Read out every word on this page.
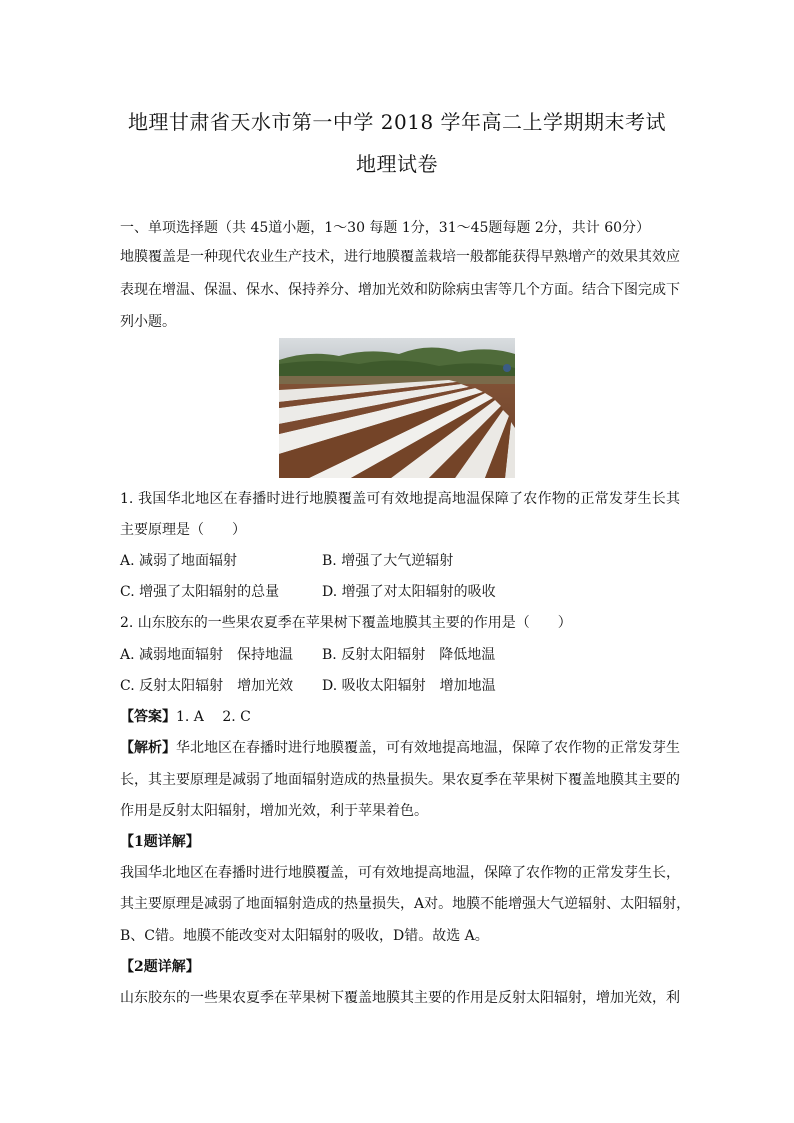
地理甘肃省天水市第一中学 2018 学年高二上学期期末考试
地理试卷
一、单项选择题（共 45道小题，1～30 每题 1分，31～45题每题 2分，共计 60分）
地膜覆盖是一种现代农业生产技术，进行地膜覆盖栽培一般都能获得早熟增产的效果其效应
表现在增温、保温、保水、保持养分、增加光效和防除病虫害等几个方面。结合下图完成下
列小题。
1. 我国华北地区在春播时进行地膜覆盖可有效地提高地温保障了农作物的正常发芽生长其
主要原理是（　　）
A. 减弱了地面辐射	B. 增强了大气逆辐射
C. 增强了太阳辐射的总量	D. 增强了对太阳辐射的吸收
2. 山东胶东的一些果农夏季在苹果树下覆盖地膜其主要的作用是（　　）
A. 减弱地面辐射　保持地温 B. 反射太阳辐射　降低地温
C. 反射太阳辐射　增加光效 D. 吸收太阳辐射　增加地温
【答案】1. A　 2. C
【解析】华北地区在春播时进行地膜覆盖，可有效地提高地温，保障了农作物的正常发芽生
长，其主要原理是减弱了地面辐射造成的热量损失。果农夏季在苹果树下覆盖地膜其主要的
作用是反射太阳辐射，增加光效，利于苹果着色。
【1题详解】
我国华北地区在春播时进行地膜覆盖，可有效地提高地温，保障了农作物的正常发芽生长，
其主要原理是减弱了地面辐射造成的热量损失，A对。地膜不能增强大气逆辐射、太阳辐射，
B、C错。地膜不能改变对太阳辐射的吸收，D错。故选 A。
【2题详解】
山东胶东的一些果农夏季在苹果树下覆盖地膜其主要的作用是反射太阳辐射，增加光效，利
